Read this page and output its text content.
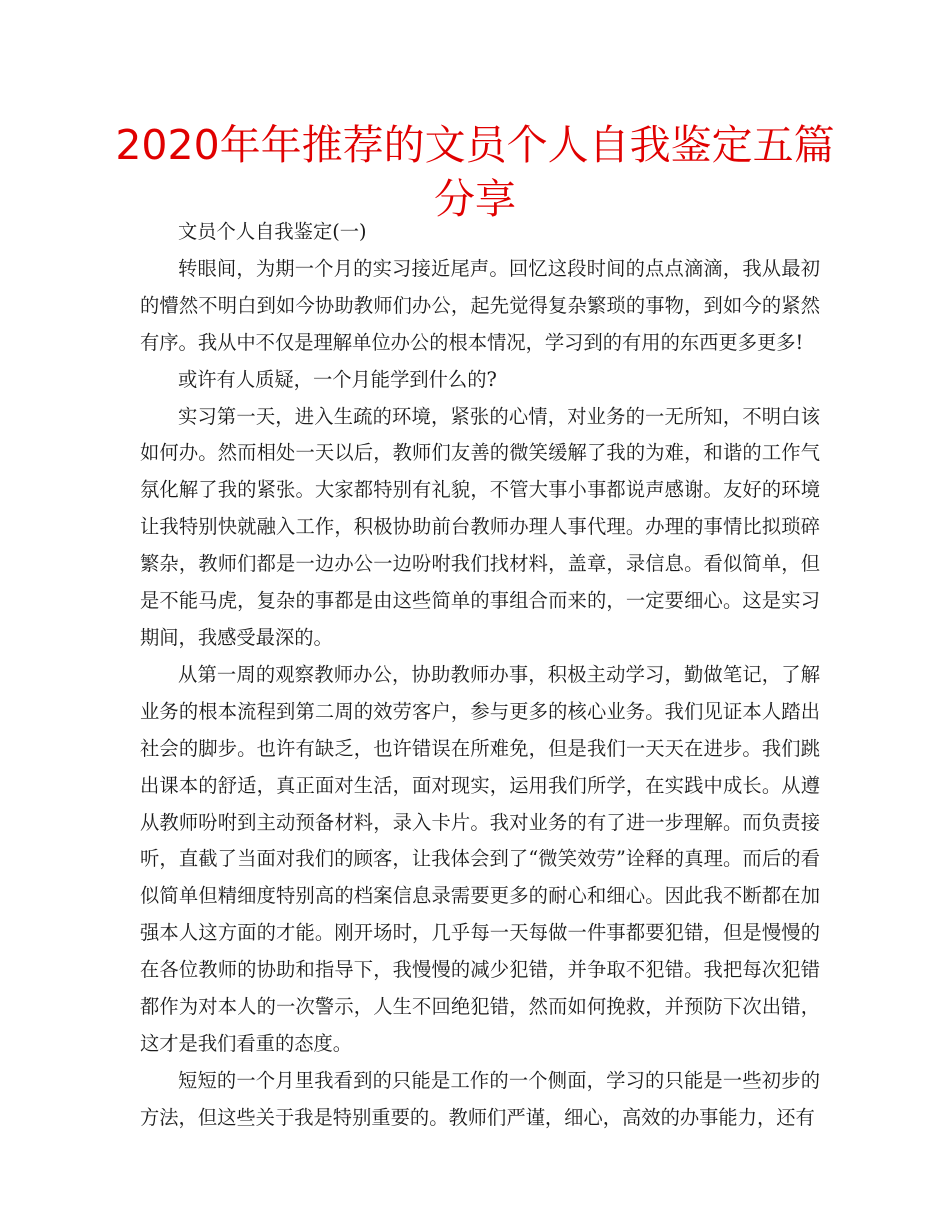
2020年年推荐的文员个人自我鉴定五篇分享

文员个人自我鉴定(一)

转眼间，为期一个月的实习接近尾声。回忆这段时间的点点滴滴，我从最初的懵然不明白到如今协助教师们办公，起先觉得复杂繁琐的事物，到如今的紧然有序。我从中不仅是理解单位办公的根本情况，学习到的有用的东西更多更多!

或许有人质疑，一个月能学到什么的?

实习第一天，进入生疏的环境，紧张的心情，对业务的一无所知，不明白该如何办。然而相处一天以后，教师们友善的微笑缓解了我的为难，和谐的工作气氛化解了我的紧张。大家都特别有礼貌，不管大事小事都说声感谢。友好的环境让我特别快就融入工作，积极协助前台教师办理人事代理。办理的事情比拟琐碎繁杂，教师们都是一边办公一边吩咐我们找材料，盖章，录信息。看似简单，但是不能马虎，复杂的事都是由这些简单的事组合而来的，一定要细心。这是实习期间，我感受最深的。

从第一周的观察教师办公，协助教师办事，积极主动学习，勤做笔记，了解业务的根本流程到第二周的效劳客户，参与更多的核心业务。我们见证本人踏出社会的脚步。也许有缺乏，也许错误在所难免，但是我们一天天在进步。我们跳出课本的舒适，真正面对生活，面对现实，运用我们所学，在实践中成长。从遵从教师吩咐到主动预备材料，录入卡片。我对业务的有了进一步理解。而负责接听，直截了当面对我们的顾客，让我体会到了“微笑效劳”诠释的真理。而后的看似简单但精细度特别高的档案信息录需要更多的耐心和细心。因此我不断都在加强本人这方面的才能。刚开场时，几乎每一天每做一件事都要犯错，但是慢慢的在各位教师的协助和指导下，我慢慢的减少犯错，并争取不犯错。我把每次犯错都作为对本人的一次警示，人生不回绝犯错，然而如何挽救，并预防下次出错，这才是我们看重的态度。

短短的一个月里我看到的只能是工作的一个侧面，学习的只能是一些初步的方法，但这些关于我是特别重要的。教师们严谨，细心，高效的办事能力，还有
